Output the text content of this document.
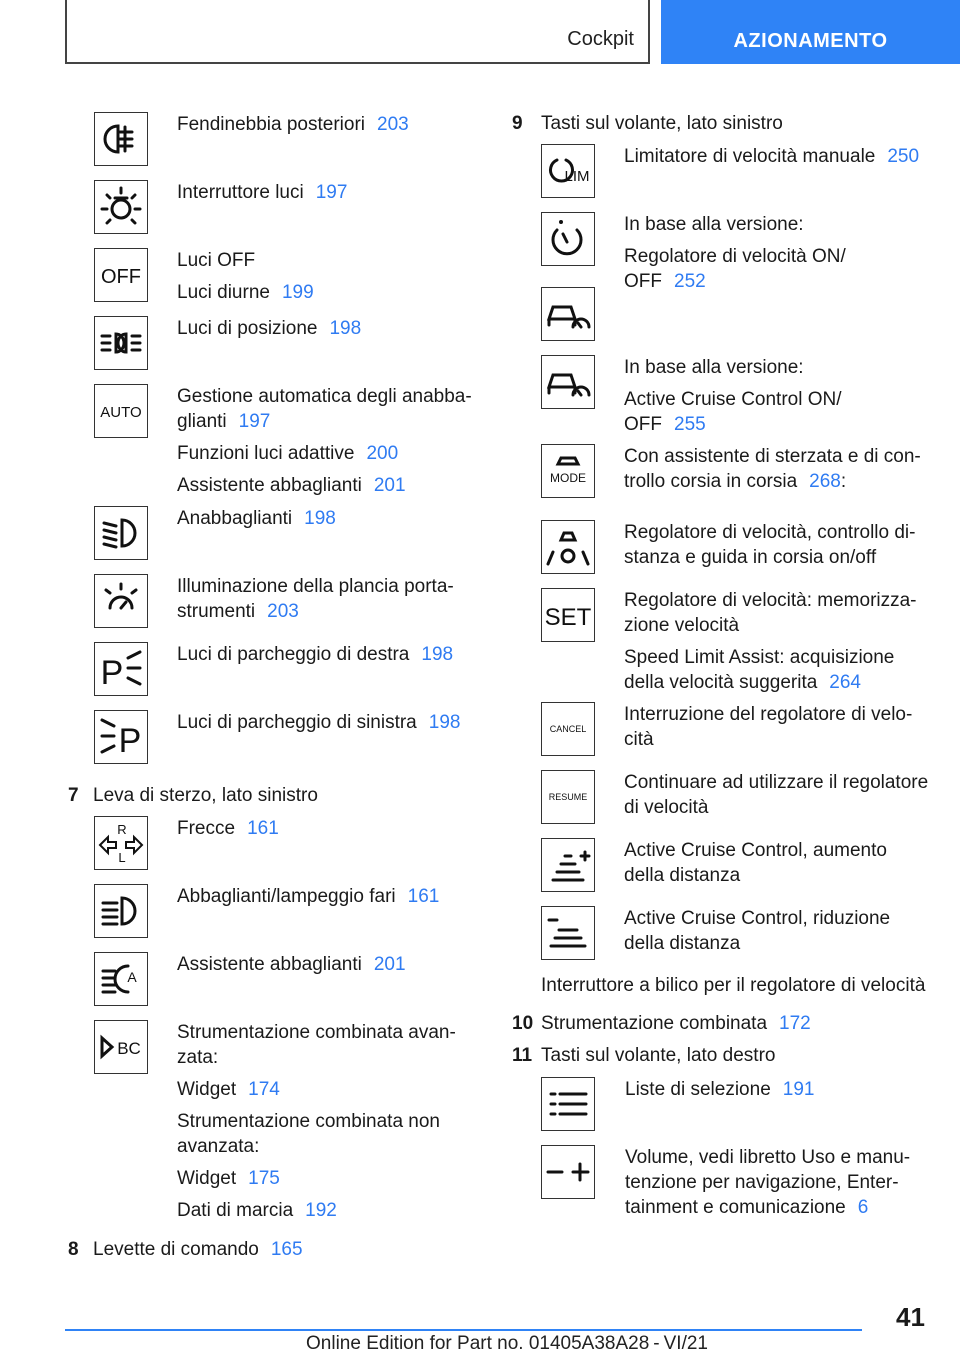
Cockpit	AZIONAMENTO
7 Leva di sterzo, lato sinistro
8 Levette di comando 165
9 Tasti sul volante, lato sinistro
Interruttore a bilico per il regolatore di velocità
10 Strumentazione combinata 172
11 Tasti sul volante, lato destro

Fendinebbia posteriori 203

Interruttore luci 197

OFF

Luci OFF

Luci diurne 199

Luci di posizione 198

AUTO

Gestione automatica degli anabba-
glianti 197

Funzioni luci adattive 200

Assistente abbaglianti 201

Anabbaglianti 198

Illuminazione della plancia porta-
strumenti 203

P	Luci di parcheggio di destra 198

P Luci di parcheggio di sinistra 198

R
L

Frecce 161

Abbaglianti/lampeggio fari 161

A

Assistente abbaglianti 201

BC

Strumentazione combinata avan-
zata:

Widget 174

Strumentazione combinata non
avanzata:

Widget 175

Dati di marcia 192

LIM

Limitatore di velocità manuale 250

In base alla versione:

Regolatore di velocità ON/
OFF 252

In base alla versione:

Active Cruise Control ON/
OFF 255

MODE

Con assistente di sterzata e di con-
trollo corsia in corsia 268:

Regolatore di velocità, controllo di-
stanza e guida in corsia on/off

SET

Regolatore di velocità: memorizza-
zione velocità

Speed Limit Assist: acquisizione
della velocità suggerita 264

CANCEL

Interruzione del regolatore di velo-
cità

RESUME

Continuare ad utilizzare il regolatore
di velocità

Active Cruise Control, aumento
della distanza

Active Cruise Control, riduzione
della distanza

Liste di selezione 191

Volume, vedi libretto Uso e manu-
tenzione per navigazione, Enter-
tainment e comunicazione 6

41
Online Edition for Part no. 01405A38A28 - VI/21
